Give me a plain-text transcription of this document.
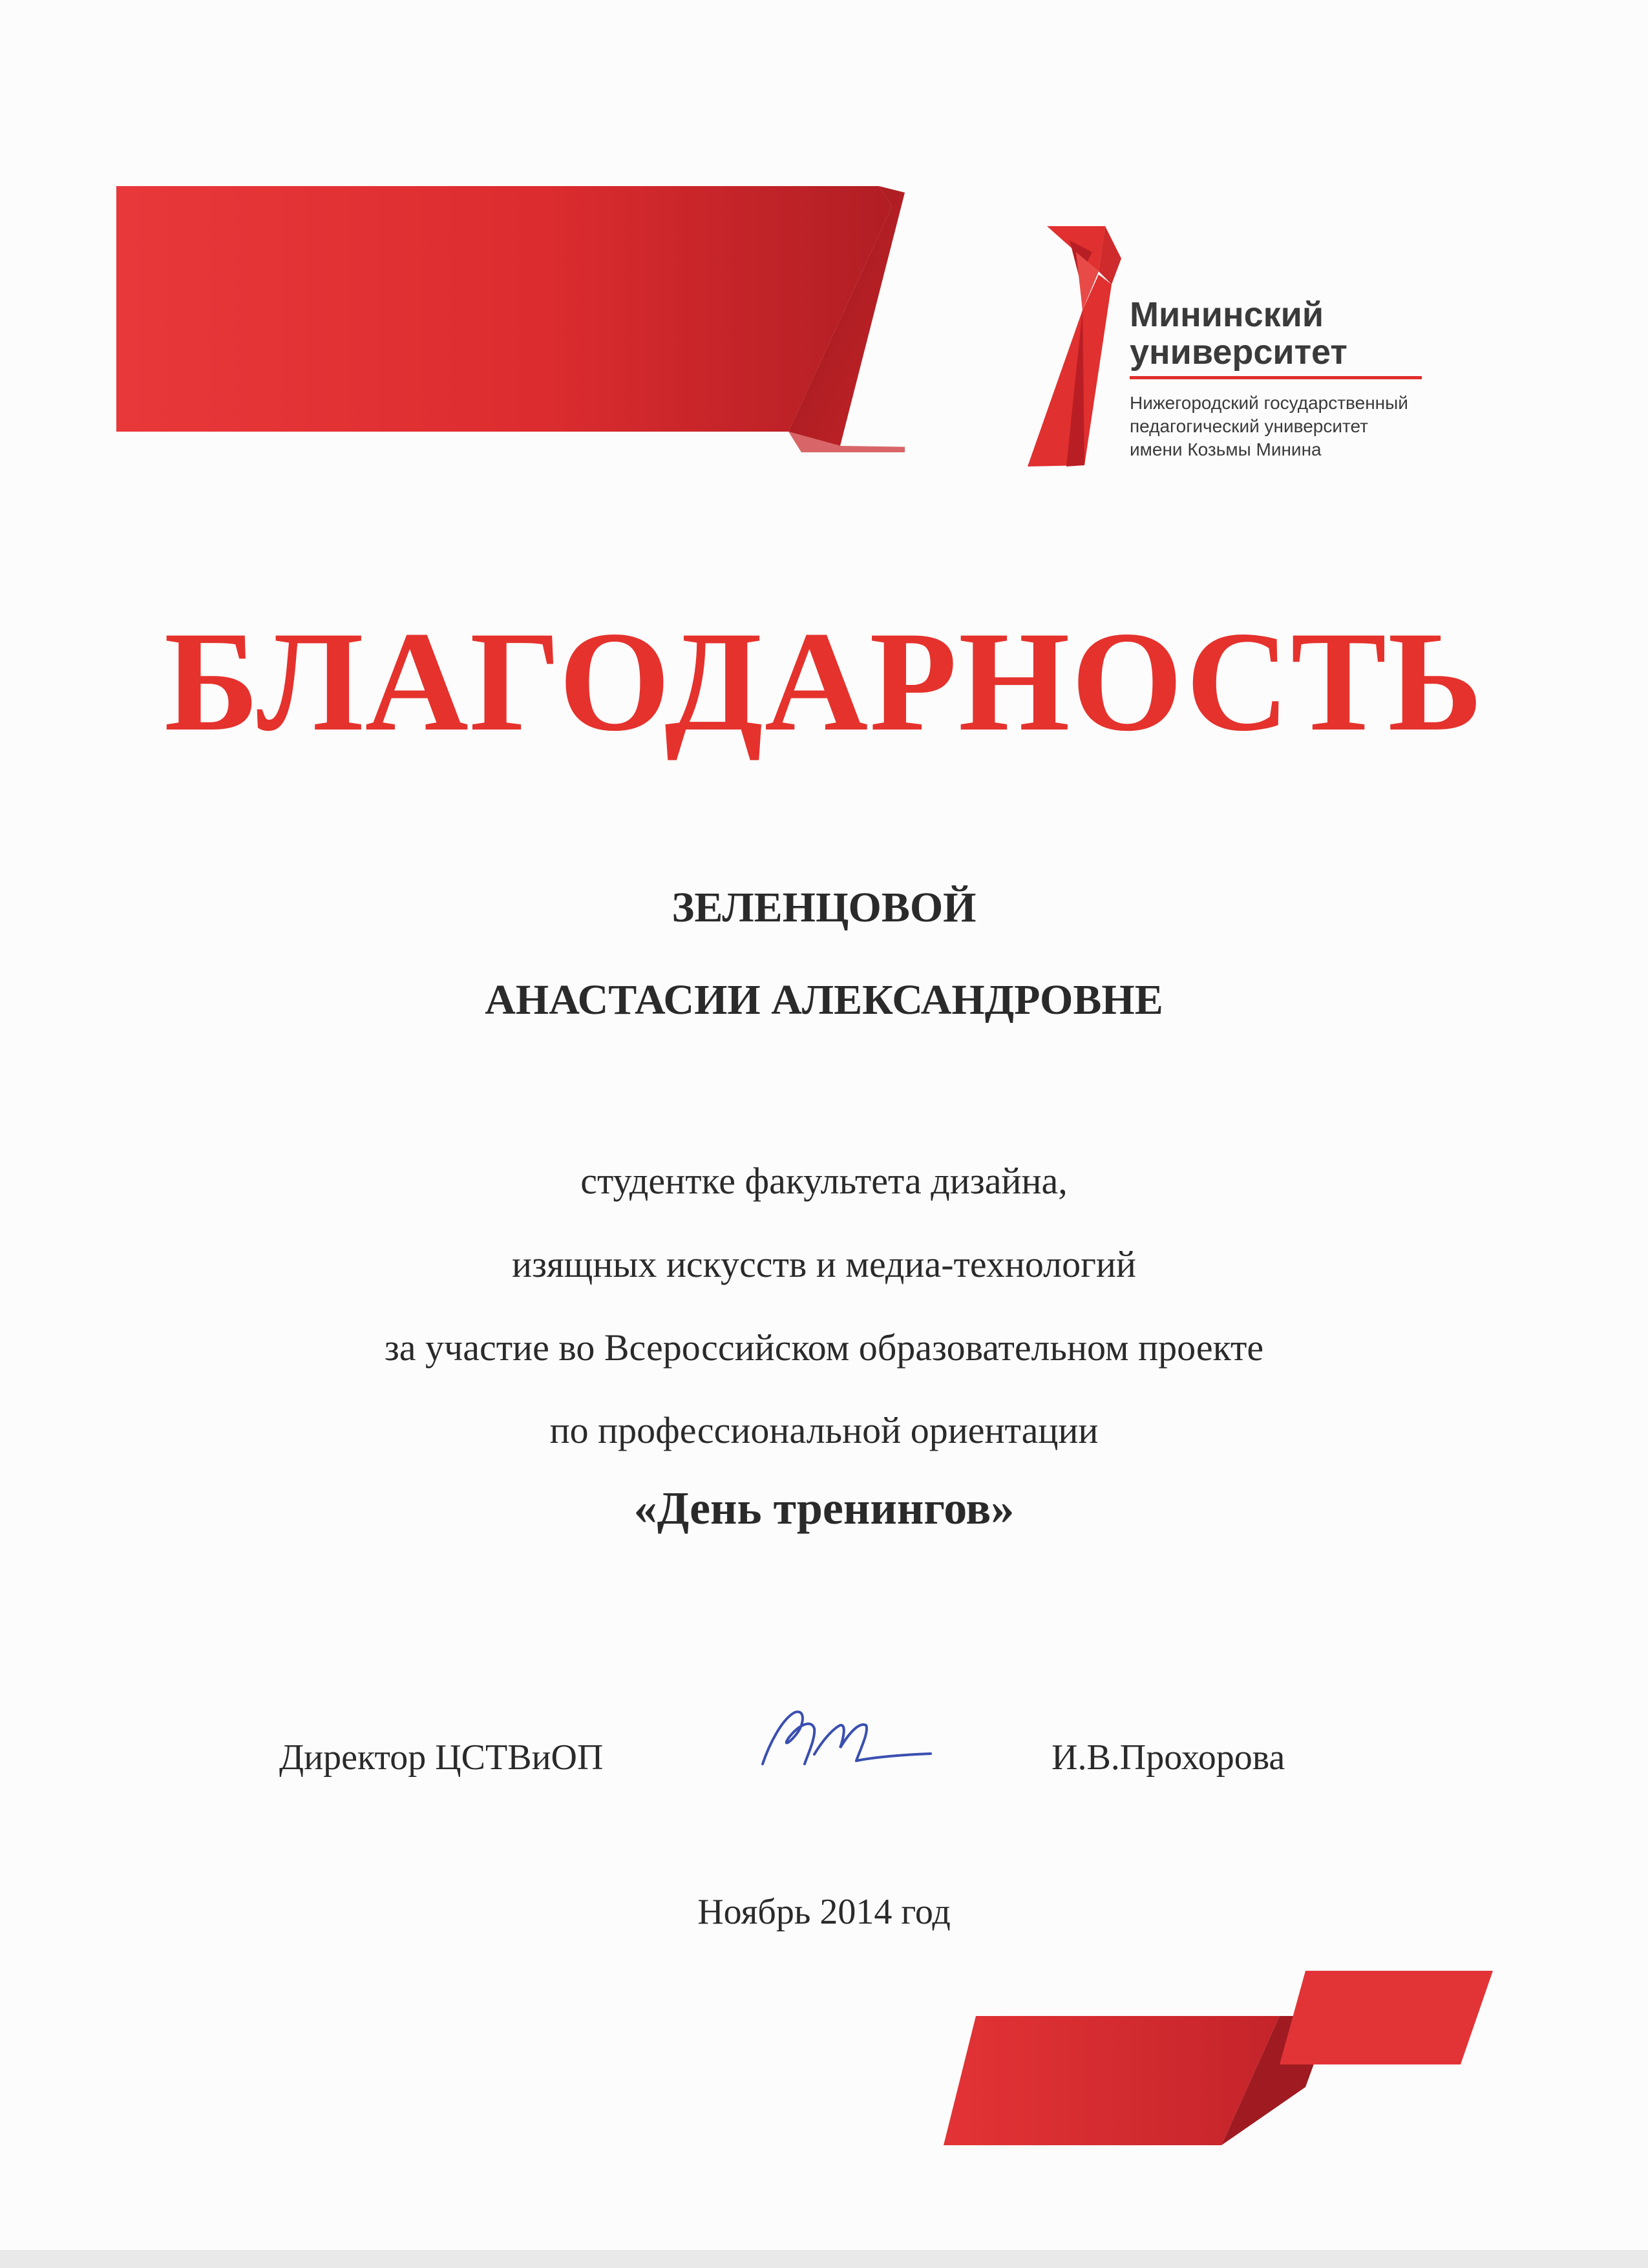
Мининский
университет
Нижегородский государственный
педагогический университет
имени Козьмы Минина
БЛАГОДАРНОСТЬ
ЗЕЛЕНЦОВОЙ
АНАСТАСИИ АЛЕКСАНДРОВНЕ
студентке факультета дизайна,
изящных искусств и медиа-технологий
за участие во Всероссийском образовательном проекте
по профессиональной ориентации
«День тренингов»
Директор ЦСТВиОП	И.В.Прохорова
Ноябрь 2014 год
